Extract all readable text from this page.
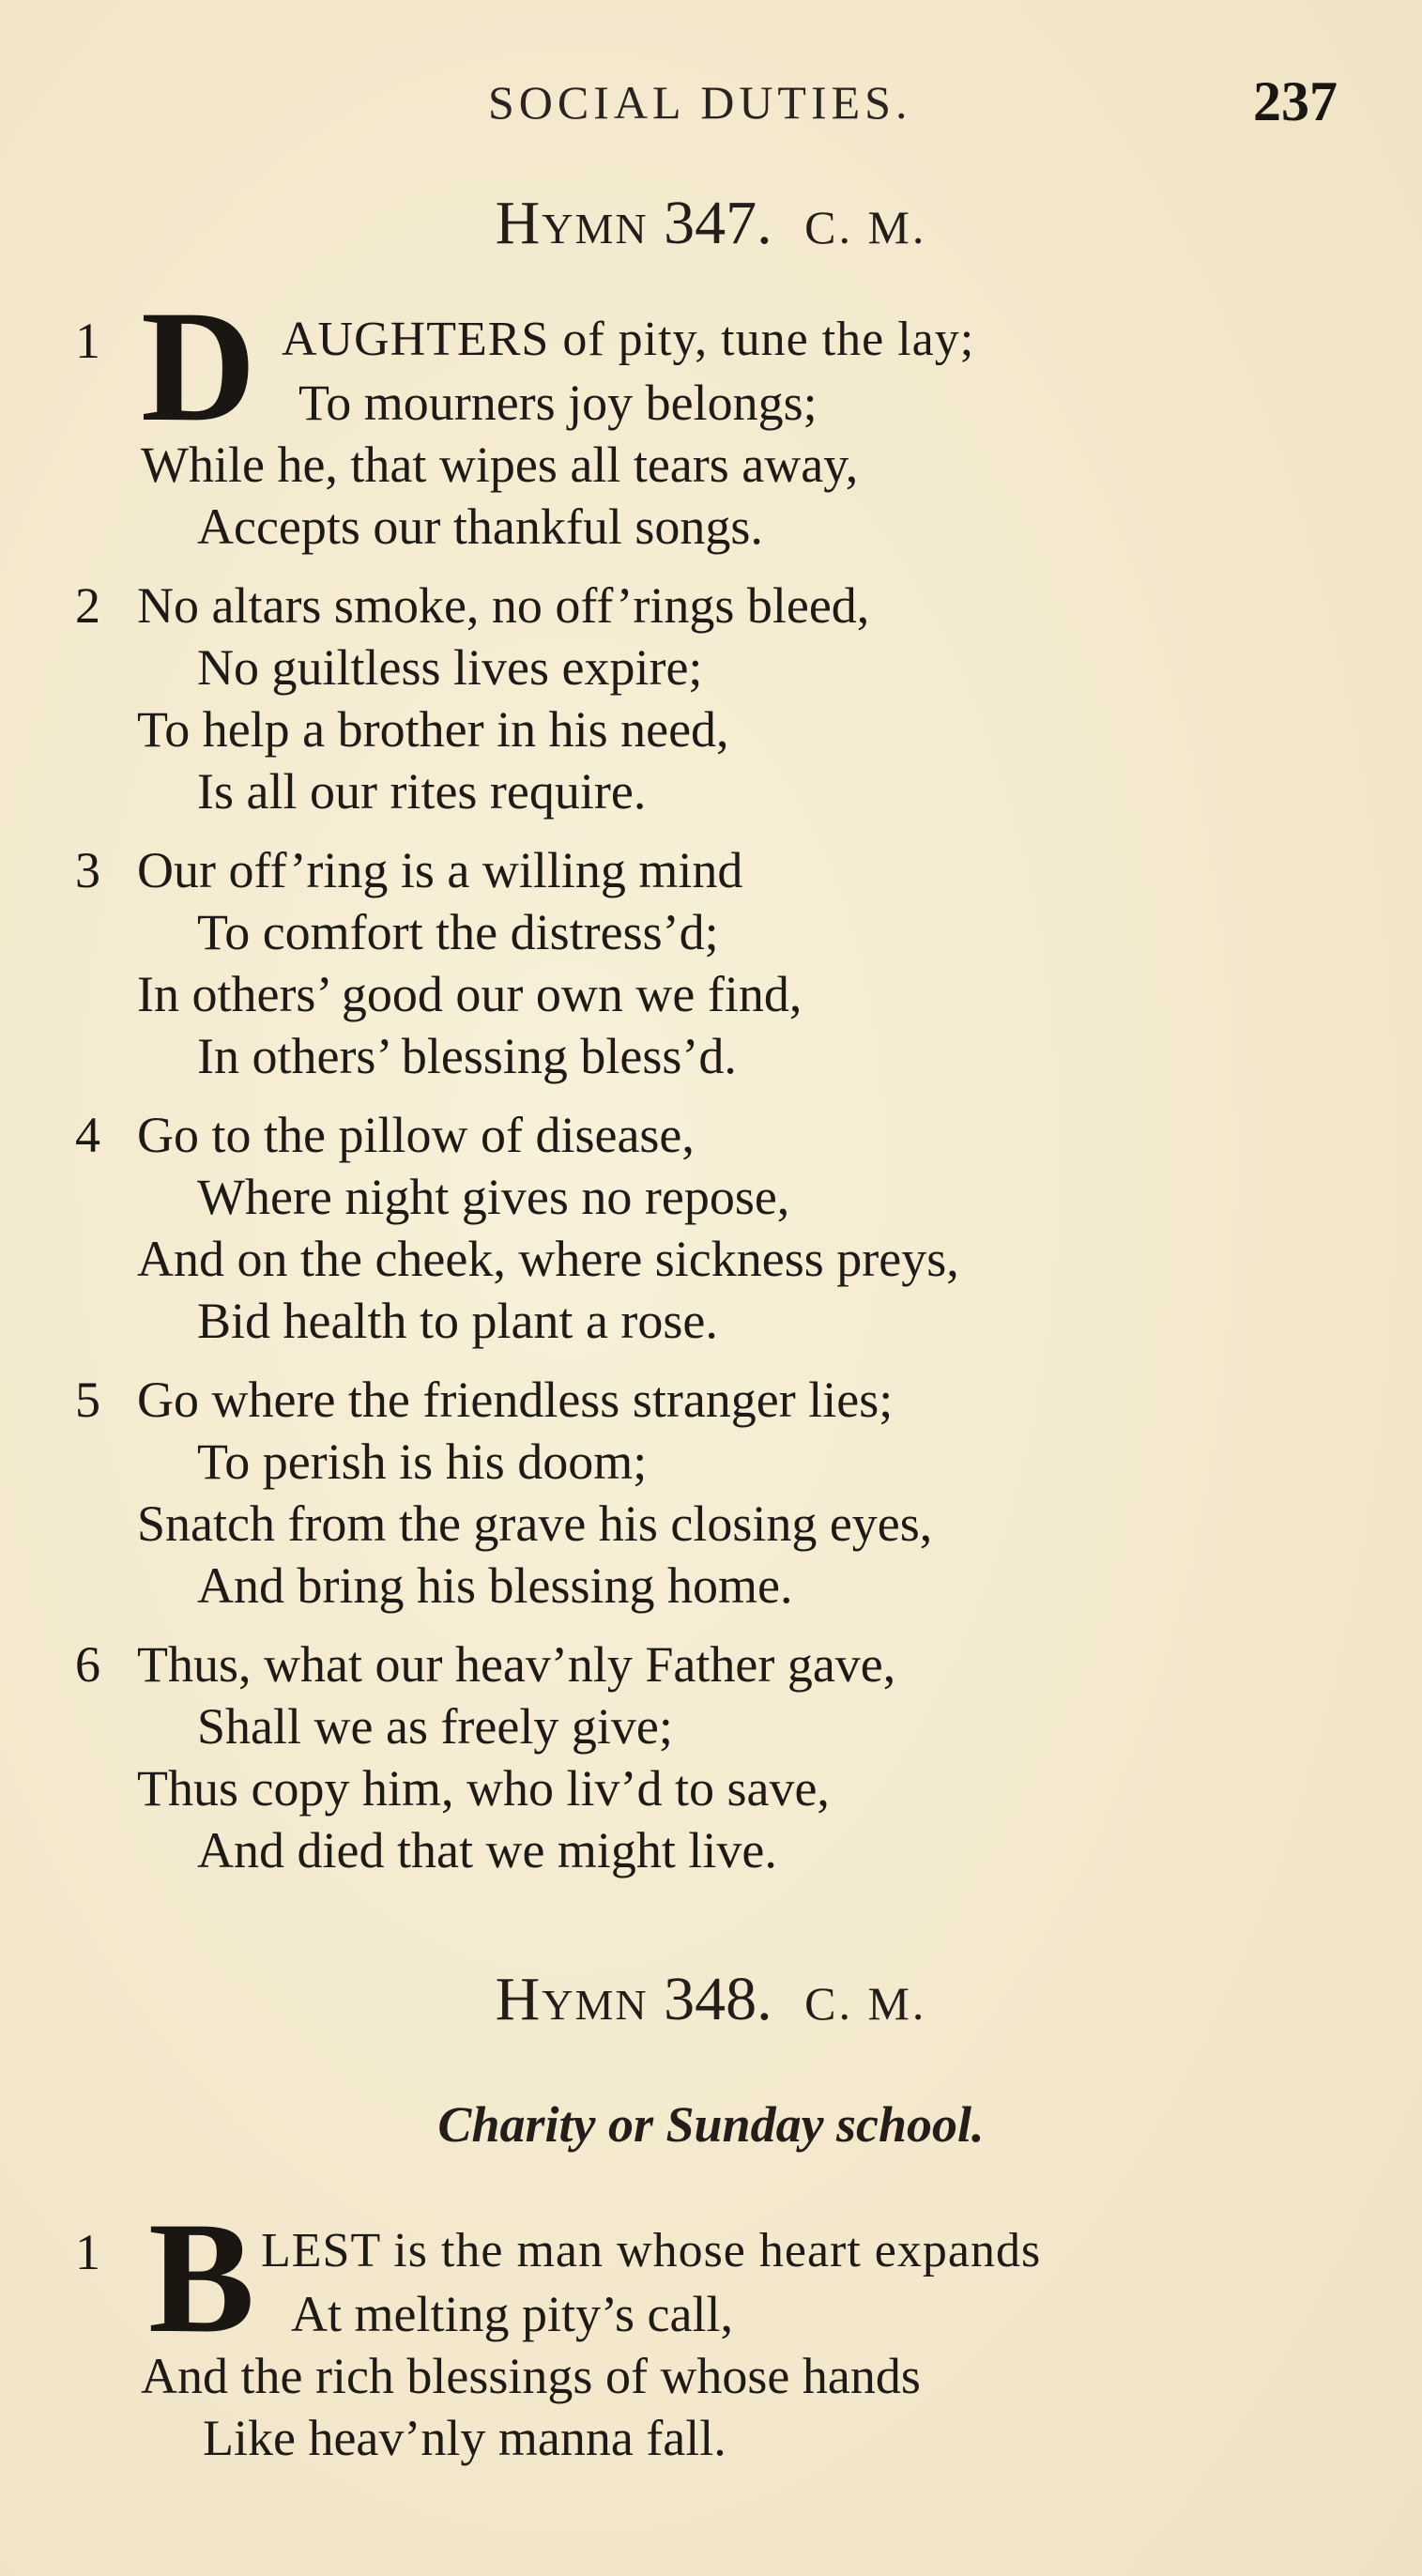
SOCIAL DUTIES.	237
Hymn 347. C. M.
1 D AUGHTERS of pity, tune the lay;
To mourners joy belongs;
While he, that wipes all tears away,
Accepts our thankful songs.
2 No altars smoke, no off’rings bleed,
No guiltless lives expire;
To help a brother in his need,
Is all our rites require.
3 Our off’ring is a willing mind
To comfort the distress’d;
In others’ good our own we find,
In others’ blessing bless’d.
4 Go to the pillow of disease,
Where night gives no repose,
And on the cheek, where sickness preys,
Bid health to plant a rose.
5 Go where the friendless stranger lies;
To perish is his doom;
Snatch from the grave his closing eyes,
And bring his blessing home.
6 Thus, what our heav’nly Father gave,
Shall we as freely give;
Thus copy him, who liv’d to save,
And died that we might live.
Hymn 348. C. M.
Charity or Sunday school.
1 B LEST is the man whose heart expands
At melting pity’s call,
And the rich blessings of whose hands
Like heav’nly manna fall.
